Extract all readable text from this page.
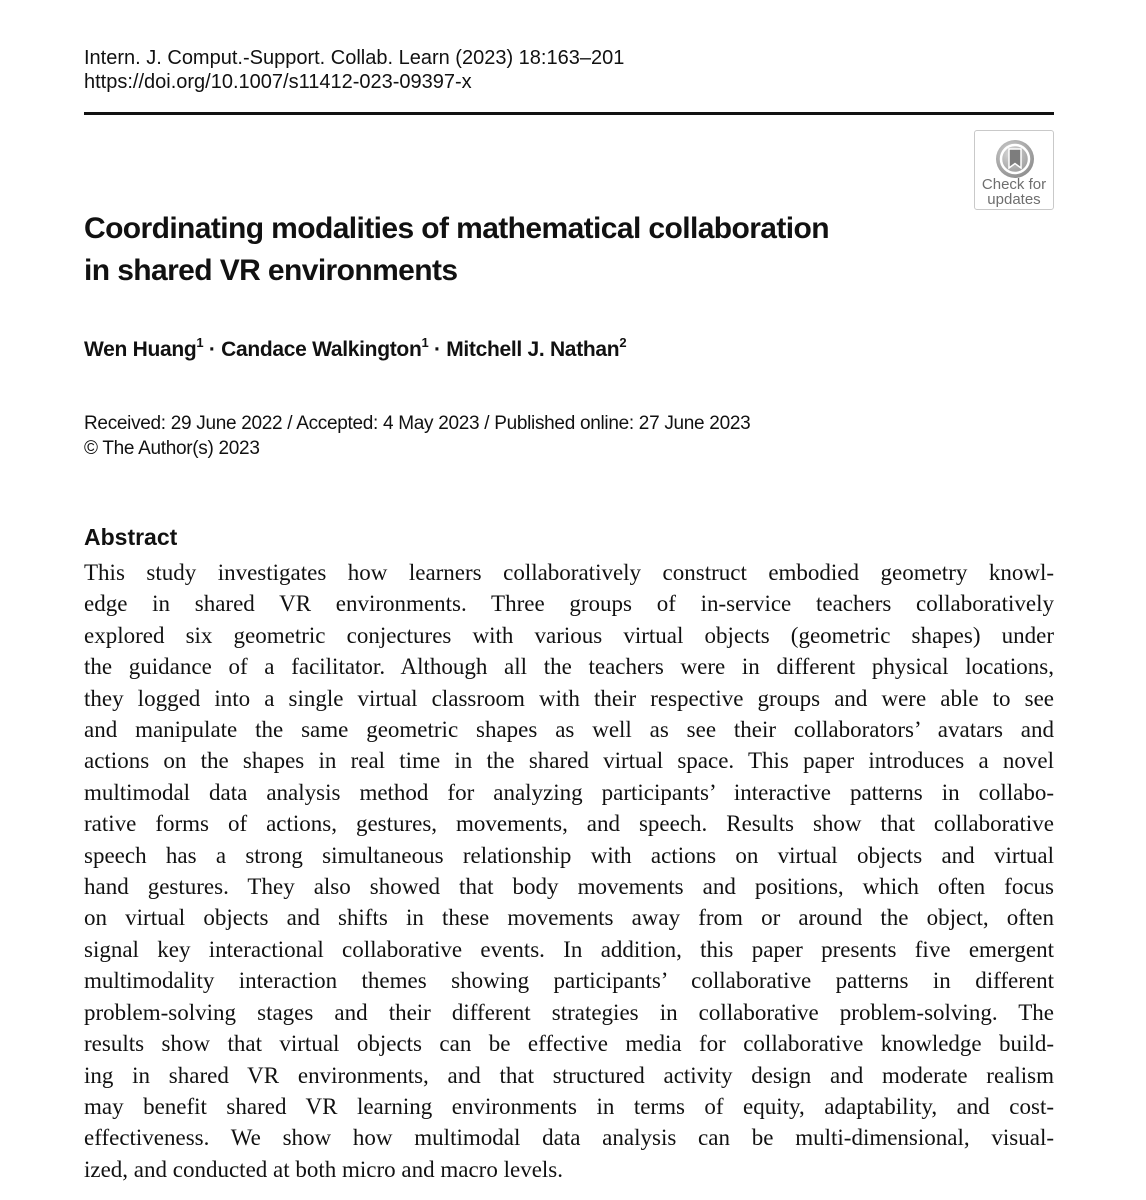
Intern. J. Comput.-Support. Collab. Learn (2023) 18:163–201
https://doi.org/10.1007/s11412-023-09397-x
Check for
updates
Coordinating modalities of mathematical collaboration
in shared VR environments
Wen Huang$^1$ · Candace Walkington$^1$ · Mitchell J. Nathan$^2$
Received: 29 June 2022 / Accepted: 4 May 2023 / Published online: 27 June 2023
© The Author(s) 2023
Abstract
This study investigates how learners collaboratively construct embodied geometry knowl-
edge in shared VR environments. Three groups of in-service teachers collaboratively
explored six geometric conjectures with various virtual objects (geometric shapes) under
the guidance of a facilitator. Although all the teachers were in different physical locations,
they logged into a single virtual classroom with their respective groups and were able to see
and manipulate the same geometric shapes as well as see their collaborators’ avatars and
actions on the shapes in real time in the shared virtual space. This paper introduces a novel
multimodal data analysis method for analyzing participants’ interactive patterns in collabo-
rative forms of actions, gestures, movements, and speech. Results show that collaborative
speech has a strong simultaneous relationship with actions on virtual objects and virtual
hand gestures. They also showed that body movements and positions, which often focus
on virtual objects and shifts in these movements away from or around the object, often
signal key interactional collaborative events. In addition, this paper presents five emergent
multimodality interaction themes showing participants’ collaborative patterns in different
problem-solving stages and their different strategies in collaborative problem-solving. The
results show that virtual objects can be effective media for collaborative knowledge build-
ing in shared VR environments, and that structured activity design and moderate realism
may benefit shared VR learning environments in terms of equity, adaptability, and cost-
effectiveness. We show how multimodal data analysis can be multi-dimensional, visual-
ized, and conducted at both micro and macro levels.
